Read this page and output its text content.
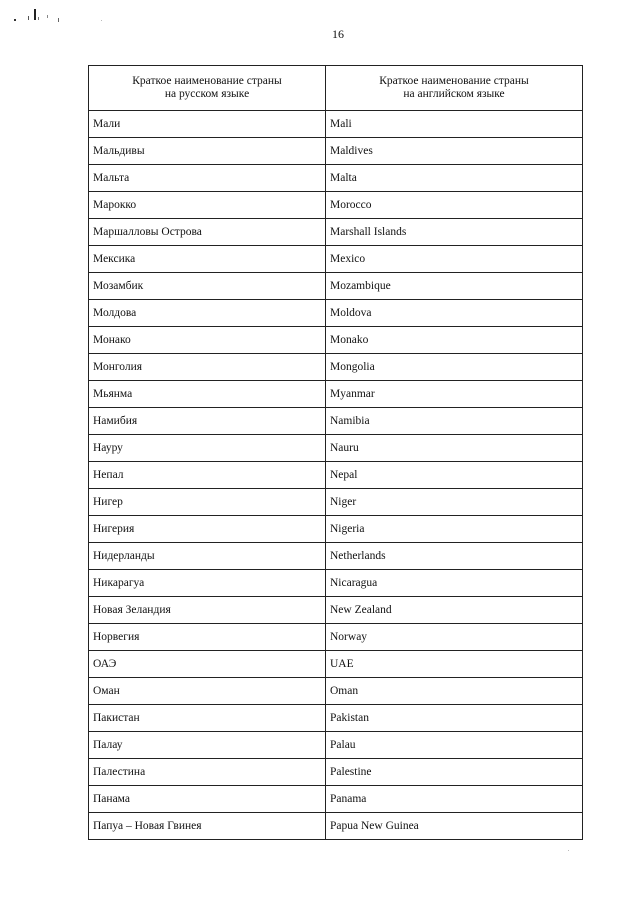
16
Краткое наименование страны
на русском языке	Краткое наименование страны
на английском языке

Мали	Mali
Мальдивы	Maldives
Мальта	Malta
Марокко	Morocco
Маршалловы Острова	Marshall Islands
Мексика	Mexico
Мозамбик	Mozambique
Молдова	Moldova
Монако	Monako
Монголия	Mongolia
Мьянма	Myanmar
Намибия	Namibia
Науру	Nauru
Непал	Nepal
Нигер	Niger
Нигерия	Nigeria
Нидерланды	Netherlands
Никарагуа	Nicaragua
Новая Зеландия	New Zealand
Норвегия	Norway
ОАЭ	UAE
Оман	Oman
Пакистан	Pakistan
Палау	Palau
Палестина	Palestine
Панама	Panama
Папуа – Новая Гвинея	Papua New Guinea
